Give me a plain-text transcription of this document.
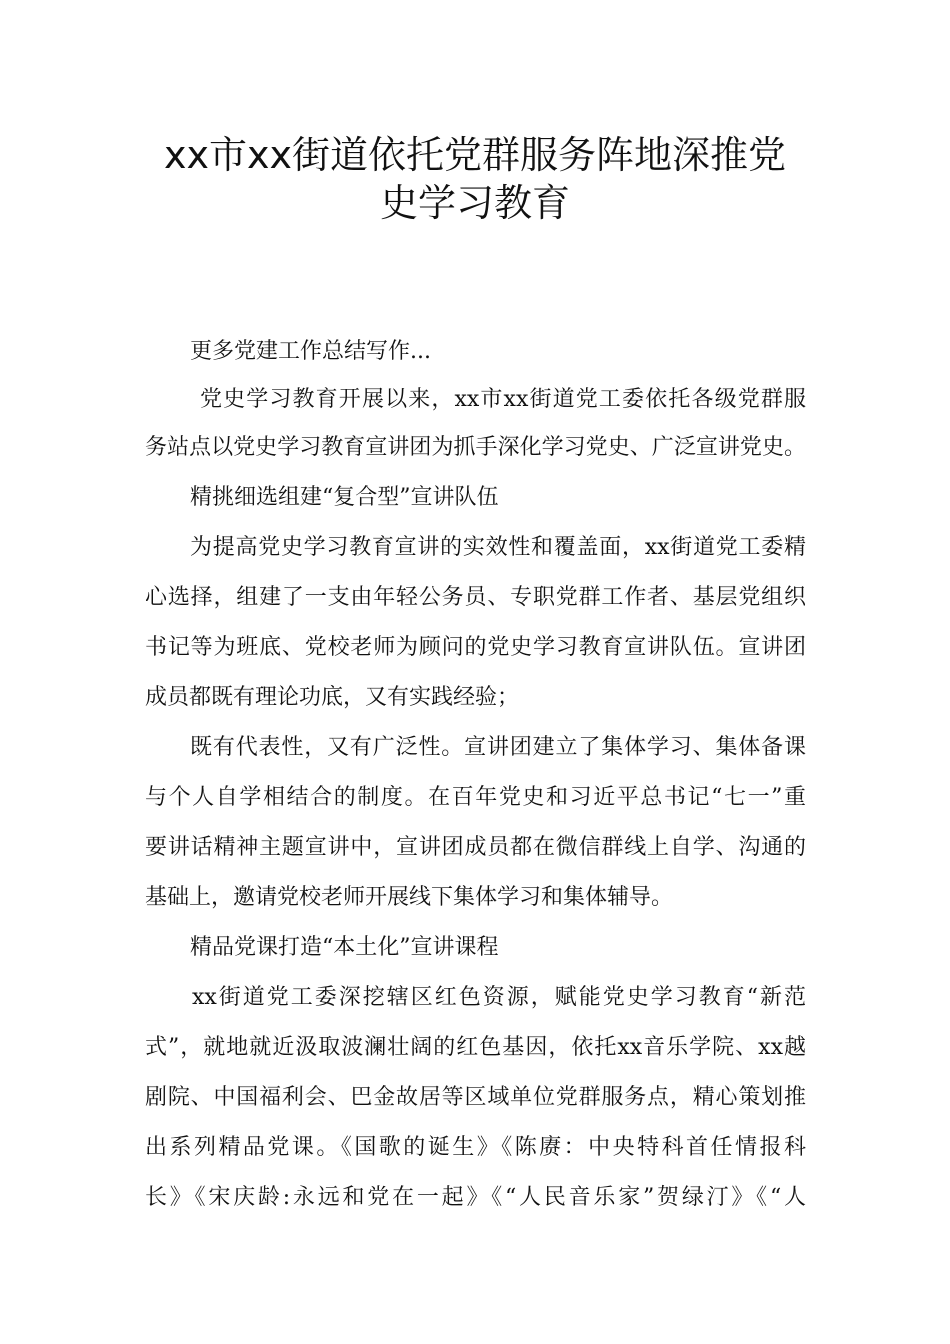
xx市xx街道依托党群服务阵地深推党
史学习教育

更多党建工作总结写作...

党史学习教育开展以来，xx市xx街道党工委依托各级党群服

务站点以党史学习教育宣讲团为抓手深化学习党史、广泛宣讲党史。

精挑细选组建“复合型”宣讲队伍

为提高党史学习教育宣讲的实效性和覆盖面，xx街道党工委精

心选择，组建了一支由年轻公务员、专职党群工作者、基层党组织

书记等为班底、党校老师为顾问的党史学习教育宣讲队伍。宣讲团

成员都既有理论功底，又有实践经验；

既有代表性，又有广泛性。宣讲团建立了集体学习、集体备课

与个人自学相结合的制度。在百年党史和习近平总书记“七一”重

要讲话精神主题宣讲中，宣讲团成员都在微信群线上自学、沟通的

基础上，邀请党校老师开展线下集体学习和集体辅导。

精品党课打造“本土化”宣讲课程

xx街道党工委深挖辖区红色资源，赋能党史学习教育“新范

式”，就地就近汲取波澜壮阔的红色基因，依托xx音乐学院、xx越

剧院、中国福利会、巴金故居等区域单位党群服务点，精心策划推

出系列精品党课。《国歌的诞生》《陈赓：中央特科首任情报科

长》《宋庆龄:永远和党在一起》《“人民音乐家”贺绿汀》《“人
